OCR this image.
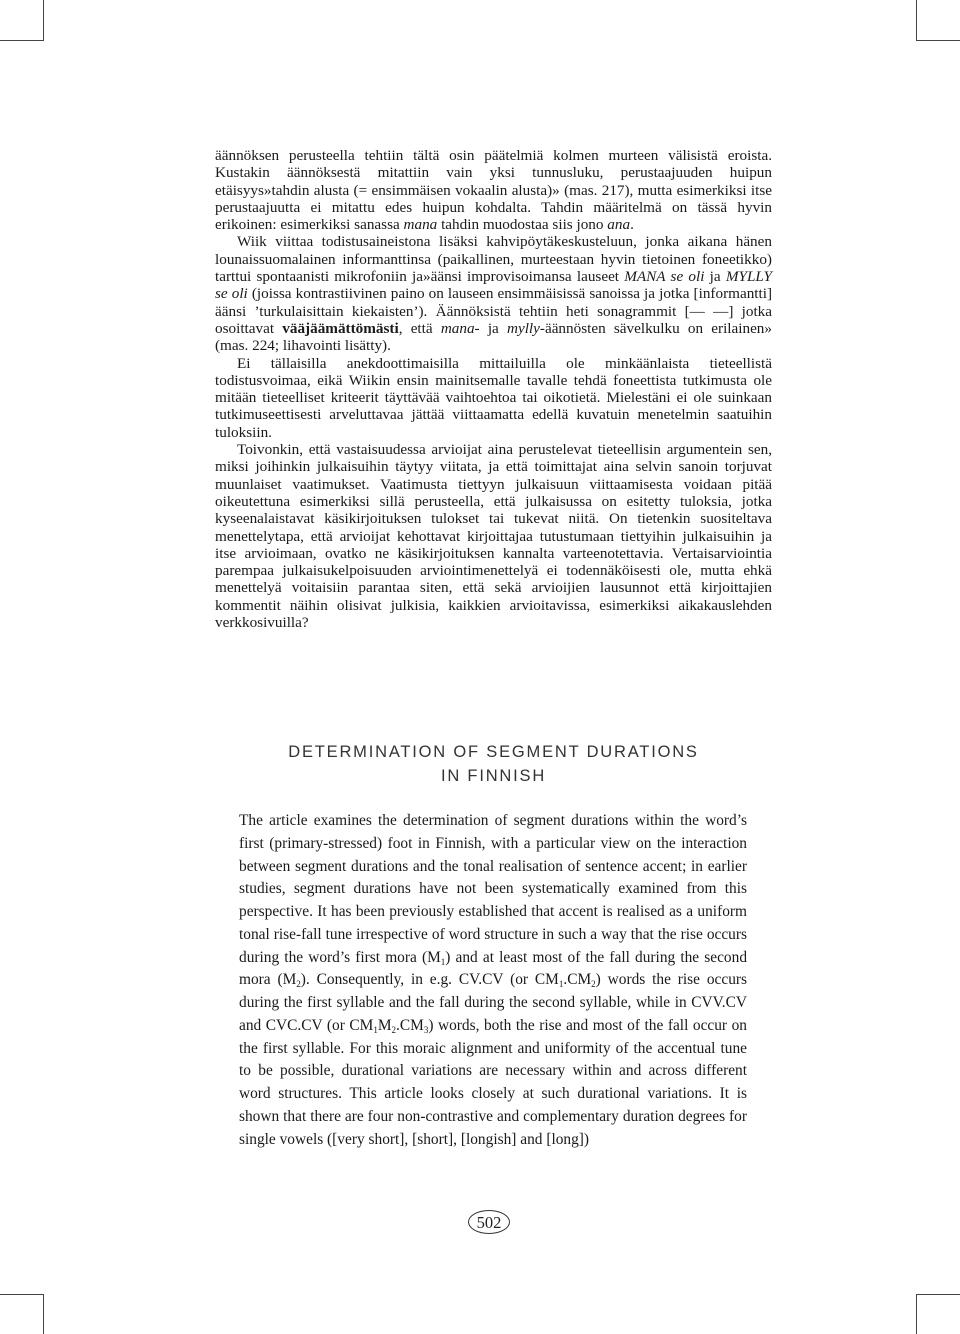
äännöksen perusteella tehtiin tältä osin päätelmiä kolmen murteen välisistä eroista. Kustakin äännöksestä mitattiin vain yksi tunnusluku, perustaajuuden huipun etäisyys»tahdin alusta (= ensimmäisen vokaalin alusta)» (mas. 217), mutta esimerkiksi itse perustaajuutta ei mitattu edes huipun kohdalta. Tahdin määritelmä on tässä hyvin erikoinen: esimerkiksi sanassa mana tahdin muodostaa siis jono ana.

Wiik viittaa todistusaineistona lisäksi kahvipöytäkeskusteluun, jonka aikana hänen lounaissuomalainen informanttinsa (paikallinen, murteestaan hyvin tietoinen foneetikko) tarttui spontaanisti mikrofoniin ja»äänsi improvisoimansa lauseet MANA se oli ja MYLLY se oli (joissa kontrastiivinen paino on lauseen ensimmäisissä sanoissa ja jotka [informantti] äänsi ’turkulaisittain kiekaisten’). Äännöksistä tehtiin heti sonagrammit [— —] jotka osoittavat vääjäämättömästi, että mana- ja mylly-äännösten sävelkulku on erilainen» (mas. 224; lihavointi lisätty).

Ei tällaisilla anekdoottimaisilla mittailuilla ole minkäänlaista tieteellistä todistusvoimaa, eikä Wiikin ensin mainitsemalle tavalle tehdä foneettista tutkimusta ole mitään tieteelliset kriteerit täyttävää vaihtoehtoa tai oikotietä. Mielestäni ei ole suinkaan tutkimuseettisesti arveluttavaa jättää viittaamatta edellä kuvatuin menetelmin saatuihin tuloksiin.

Toivonkin, että vastaisuudessa arvioijat aina perustelevat tieteellisin argumentein sen, miksi joihinkin julkaisuihin täytyy viitata, ja että toimittajat aina selvin sanoin torjuvat muunlaiset vaatimukset. Vaatimusta tiettyyn julkaisuun viittaamisesta voidaan pitää oikeutettuna esimerkiksi sillä perusteella, että julkaisussa on esitetty tuloksia, jotka kyseenalaistavat käsikirjoituksen tulokset tai tukevat niitä. On tietenkin suositeltava menettelytapa, että arvioijat kehottavat kirjoittajaa tutustumaan tiettyihin julkaisuihin ja itse arvioimaan, ovatko ne käsikirjoituksen kannalta varteenotettavia. Vertaisarviointia parempaa julkaisukelpoisuuden arviointimenettelyä ei todennäköisesti ole, mutta ehkä menettelyä voitaisiin parantaa siten, että sekä arvioijien lausunnot että kirjoittajien kommentit näihin olisivat julkisia, kaikkien arvioitavissa, esimerkiksi aikakauslehden verkkosivuilla?

DETERMINATION OF SEGMENT DURATIONS
IN FINNISH

The article examines the determination of segment durations within the word’s first (primary-stressed) foot in Finnish, with a particular view on the interaction between segment durations and the tonal realisation of sentence accent; in earlier studies, segment durations have not been systematically examined from this perspective. It has been previously established that accent is realised as a uniform tonal rise-fall tune irrespective of word structure in such a way that the rise occurs during the word’s first mora $(M_1)$ and at least most of the fall during the second mora $(M_2)$. Consequently, in e.g. CV.CV (or $CM_1.CM_2$) words the rise occurs during the first syllable and the fall during the second syllable, while in CVV.CV and CVC.CV (or $CM_1M_2.CM_3$) words, both the rise and most of the fall occur on the first syllable. For this moraic alignment and uniformity of the accentual tune to be possible, durational variations are necessary within and across different word structures. This article looks closely at such durational variations. It is shown that there are four non-contrastive and complementary duration degrees for single vowels ([very short], [short], [longish] and [long])

502
